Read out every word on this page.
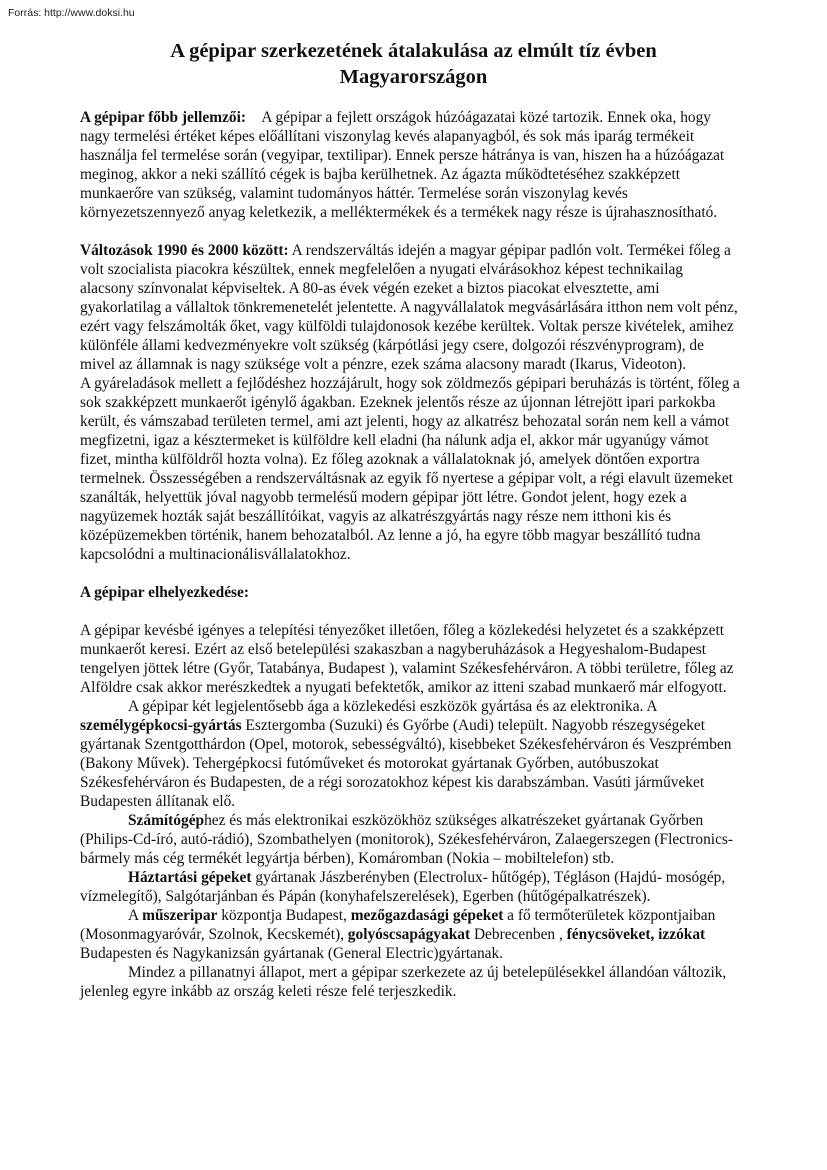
Forrás: http://www.doksi.hu
A gépipar szerkezetének átalakulása az elmúlt tíz évben
Magyarországon

A gépipar főbb jellemzői: A gépipar a fejlett országok húzóágazatai közé tartozik. Ennek oka, hogy nagy termelési értéket képes előállítani viszonylag kevés alapanyagból, és sok más iparág termékeit használja fel termelése során (vegyipar, textilipar). Ennek persze hátránya is van, hiszen ha a húzóágazat meginog, akkor a neki szállító cégek is bajba kerülhetnek. Az ágazta működtetéséhez szakképzett munkaerőre van szükség, valamint tudományos háttér. Termelése során viszonylag kevés környezetszennyező anyag keletkezik, a melléktermékek és a termékek nagy része is újrahasznosítható.

Változások 1990 és 2000 között: A rendszerváltás idején a magyar gépipar padlón volt. Termékei főleg a volt szocialista piacokra készültek, ennek megfelelően a nyugati elvárásokhoz képest technikailag alacsony színvonalat képviseltek. A 80-as évek végén ezeket a biztos piacokat elvesztette, ami gyakorlatilag a vállaltok tönkremenetelét jelentette. A nagyvállalatok megvásárlására itthon nem volt pénz, ezért vagy felszámolták őket, vagy külföldi tulajdonosok kezébe kerültek. Voltak persze kivételek, amihez különféle állami kedvezményekre volt szükség (kárpótlási jegy csere, dolgozói részvényprogram), de mivel az államnak is nagy szüksége volt a pénzre, ezek száma alacsony maradt (Ikarus, Videoton).

A gyáreladások mellett a fejlődéshez hozzájárult, hogy sok zöldmezős gépipari beruházás is történt, főleg a sok szakképzett munkaerőt igénylő ágakban. Ezeknek jelentős része az újonnan létrejött ipari parkokba került, és vámszabad területen termel, ami azt jelenti, hogy az alkatrész behozatal során nem kell a vámot megfizetni, igaz a késztermeket is külföldre kell eladni (ha nálunk adja el, akkor már ugyanúgy vámot fizet, mintha külföldről hozta volna). Ez főleg azoknak a vállalatoknak jó, amelyek döntően exportra termelnek. Összességében a rendszerváltásnak az egyik fő nyertese a gépipar volt, a régi elavult üzemeket szanálták, helyettük jóval nagyobb termelésű modern gépipar jött létre. Gondot jelent, hogy ezek a nagyüzemek hozták saját beszállítóikat, vagyis az alkatrészgyártás nagy része nem itthoni kis és középüzemekben történik, hanem behozatalból. Az lenne a jó, ha egyre több magyar beszállító tudna kapcsolódni a multinacionálisvállalatokhoz.

A gépipar elhelyezkedése:

A gépipar kevésbé igényes a telepítési tényezőket illetően, főleg a közlekedési helyzetet és a szakképzett munkaerőt keresi. Ezért az első betelepülési szakaszban a nagyberuházások a Hegyeshalom-Budapest tengelyen jöttek létre (Győr, Tatabánya, Budapest ), valamint Székesfehérváron. A többi területre, főleg az Alföldre csak akkor merészkedtek a nyugati befektetők, amikor az itteni szabad munkaerő már elfogyott.

A gépipar két legjelentősebb ága a közlekedési eszközök gyártása és az elektronika. A személygépkocsi-gyártás Esztergomba (Suzuki) és Győrbe (Audi) települt. Nagyobb részegységeket gyártanak Szentgotthárdon (Opel, motorok, sebességváltó), kisebbeket Székesfehérváron és Veszprémben (Bakony Művek). Tehergépkocsi futóműveket és motorokat gyártanak Győrben, autóbuszokat Székesfehérváron és Budapesten, de a régi sorozatokhoz képest kis darabszámban. Vasúti járműveket Budapesten állítanak elő.

Számítógéphez és más elektronikai eszközökhöz szükséges alkatrészeket gyártanak Győrben (Philips-Cd-író, autó-rádió), Szombathelyen (monitorok), Székesfehérváron, Zalaegerszegen (Flectronics-bármely más cég termékét legyártja bérben), Komáromban (Nokia – mobiltelefon) stb.

Háztartási gépeket gyártanak Jászberényben (Electrolux- hűtőgép), Tégláson (Hajdú- mosógép, vízmelegítő), Salgótarjánban és Pápán (konyhafelszerelések), Egerben (hűtőgépalkatrészek).

A műszeripar központja Budapest, mezőgazdasági gépeket a fő termőterületek központjaiban (Mosonmagyaróvár, Szolnok, Kecskemét), golyóscsapágyakat Debrecenben , fénycsöveket, izzókat Budapesten és Nagykanizsán gyártanak (General Electric)gyártanak.

Mindez a pillanatnyi állapot, mert a gépipar szerkezete az új betelepülésekkel állandóan változik, jelenleg egyre inkább az ország keleti része felé terjeszkedik.
